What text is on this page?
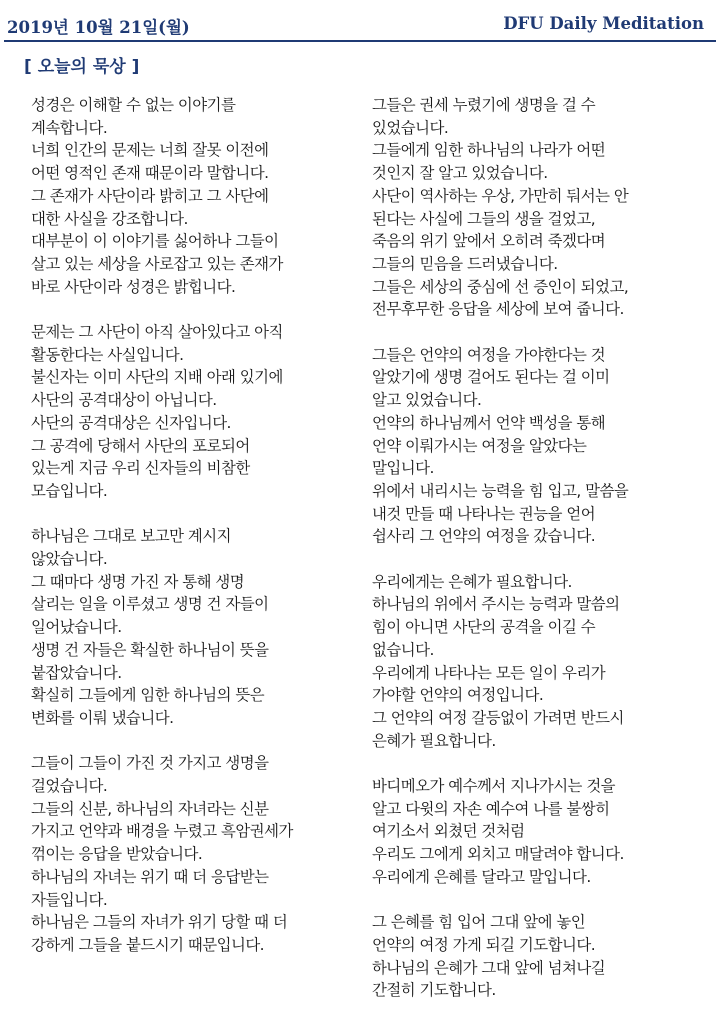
2019년 10월 21일(월)	DFU Daily Meditation
[ 오늘의 묵상 ]
성경은 이해할 수 없는 이야기를
계속합니다.
너희 인간의 문제는 너희 잘못 이전에
어떤 영적인 존재 때문이라 말합니다.
그 존재가 사단이라 밝히고 그 사단에
대한 사실을 강조합니다.
대부분이 이 이야기를 싫어하나 그들이
살고 있는 세상을 사로잡고 있는 존재가
바로 사단이라 성경은 밝힙니다.
문제는 그 사단이 아직 살아있다고 아직
활동한다는 사실입니다.
불신자는 이미 사단의 지배 아래 있기에
사단의 공격대상이 아닙니다.
사단의 공격대상은 신자입니다.
그 공격에 당해서 사단의 포로되어
있는게 지금 우리 신자들의 비참한
모습입니다.
하나님은 그대로 보고만 계시지
않았습니다.
그 때마다 생명 가진 자 통해 생명
살리는 일을 이루셨고 생명 건 자들이
일어났습니다.
생명 건 자들은 확실한 하나님이 뜻을
붙잡았습니다.
확실히 그들에게 임한 하나님의 뜻은
변화를 이뤄 냈습니다.
그들이 그들이 가진 것 가지고 생명을
걸었습니다.
그들의 신분, 하나님의 자녀라는 신분
가지고 언약과 배경을 누렸고 흑암권세가
꺾이는 응답을 받았습니다.
하나님의 자녀는 위기 때 더 응답받는
자들입니다.
하나님은 그들의 자녀가 위기 당할 때 더
강하게 그들을 붙드시기 때문입니다.
그들은 권세 누렸기에 생명을 걸 수
있었습니다.
그들에게 임한 하나님의 나라가 어떤
것인지 잘 알고 있었습니다.
사단이 역사하는 우상, 가만히 둬서는 안
된다는 사실에 그들의 생을 걸었고,
죽음의 위기 앞에서 오히려 죽겠다며
그들의 믿음을 드러냈습니다.
그들은 세상의 중심에 선 증인이 되었고,
전무후무한 응답을 세상에 보여 줍니다.
그들은 언약의 여정을 가야한다는 것
알았기에 생명 걸어도 된다는 걸 이미
알고 있었습니다.
언약의 하나님께서 언약 백성을 통해
언약 이뤄가시는 여정을 알았다는
말입니다.
위에서 내리시는 능력을 힘 입고, 말씀을
내것 만들 때 나타나는 권능을 얻어
쉽사리 그 언약의 여정을 갔습니다.
우리에게는 은혜가 필요합니다.
하나님의 위에서 주시는 능력과 말씀의
힘이 아니면 사단의 공격을 이길 수
없습니다.
우리에게 나타나는 모든 일이 우리가
가야할 언약의 여정입니다.
그 언약의 여정 갈등없이 가려면 반드시
은혜가 필요합니다.
바디메오가 예수께서 지나가시는 것을
알고 다윗의 자손 예수여 나를 불쌍히
여기소서 외쳤던 것처럼
우리도 그에게 외치고 매달려야 합니다.
우리에게 은혜를 달라고 말입니다.
그 은혜를 힘 입어 그대 앞에 놓인
언약의 여정 가게 되길 기도합니다.
하나님의 은혜가 그대 앞에 넘쳐나길
간절히 기도합니다.
